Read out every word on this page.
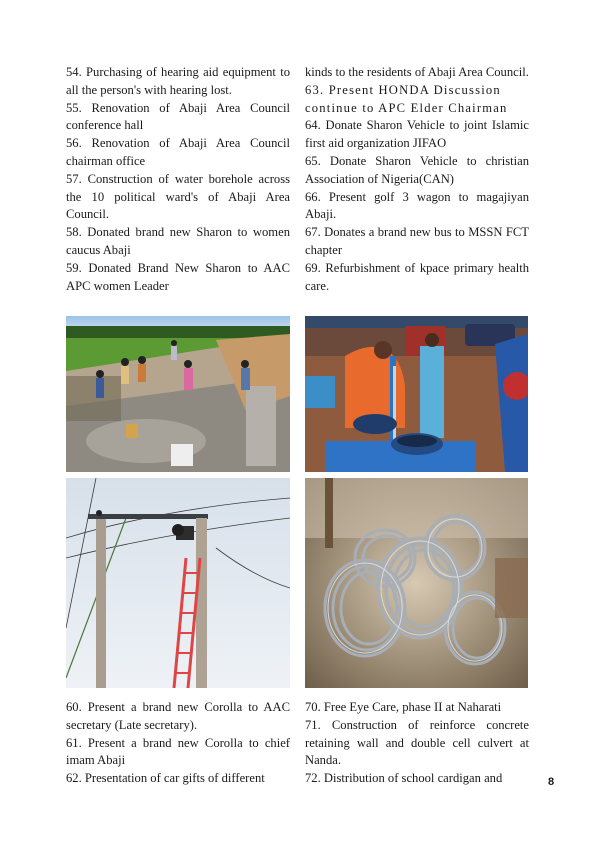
54. Purchasing of hearing aid equipment to all the person's with hearing lost.

55. Renovation of Abaji Area Council conference hall

56. Renovation of Abaji Area Council chairman office

57. Construction of water borehole across the 10 political ward's of Abaji Area Council.

58. Donated brand new Sharon to women caucus Abaji

59. Donated Brand New Sharon to AAC APC women Leader

kinds to the residents of Abaji Area Council.

63. Present HONDA Discussion continue to APC Elder Chairman

64. Donate Sharon Vehicle to joint Islamic first aid organization JIFAO

65. Donate Sharon Vehicle to christian Association of Nigeria(CAN)

66. Present golf 3 wagon to magajiyan Abaji.

67. Donates a brand new bus to MSSN FCT chapter

69. Refurbishment of kpace primary health care.

60. Present a brand new Corolla to AAC secretary (Late secretary).

61. Present a brand new Corolla to chief imam Abaji

62. Presentation of car gifts of different

70. Free Eye Care, phase II at Naharati

71. Construction of reinforce concrete retaining wall and double cell culvert at Nanda.

72. Distribution of school cardigan and	8
